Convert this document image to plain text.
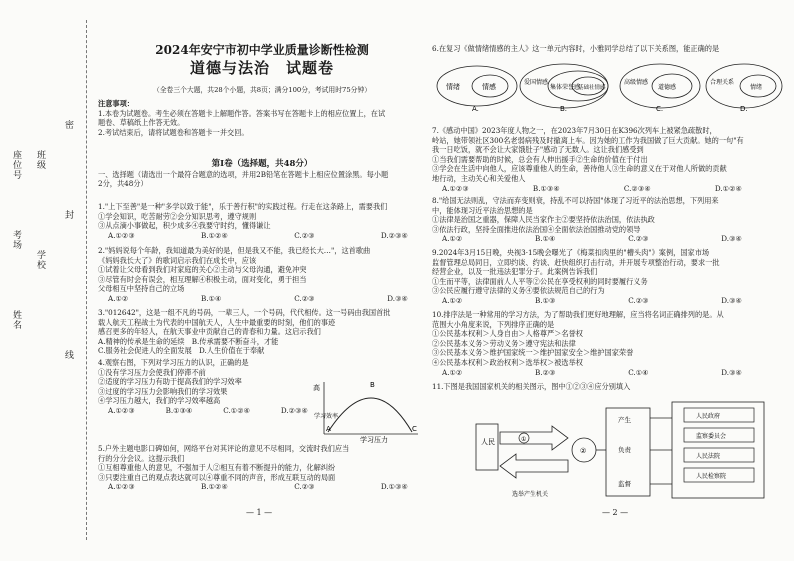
座位号
考场
姓名
班级
学校
密
封
线
2024年安宁市初中学业质量诊断性检测
道德与法治　试题卷
（全卷三个大题，共28个小题，共8页；满分100分，考试用时75分钟）
注意事项：
1.本卷为试题卷。考生必须在答题卡上解题作答。答案书写在答题卡上的相应位置上，在试
题卷、草稿纸上作答无效。
2.考试结束后，请将试题卷和答题卡一并交回。
第Ⅰ卷（选择题，共48分）
一、选择题（请选出一个最符合题意的选项，并用2B铅笔在答题卡上相应位置涂黑。每小题
2分，共48分）
1."上下至善"是一种"多学以致于能"，乐于善行积"的实践过程。行走在这条路上，需要我们
①学会知识，吃苦耐劳②会分知识思考，遵守规则
③从点滴小事做起，积少成多④我要守时约，懂得谦让
A.①②③	B.①②④	C.②③	D.②③④
2."妈妈说每个年龄，我知道最为美好的是，但是我又不能，我已经长大…"，这首歌曲
《妈妈我长大了》的歌词启示我们在成长中，应该
①试着让父母看到我们对家庭的关心②主动与父母沟通，避免冲突
③尽管有时会有误会，相互理解④积极主动，面对变化，勇于担当
父母相互中坚持自己的立场
A.①②	B.①④	C.②③	D.③④
3."012642"，这是一组不凡的号码，一辈三人，一个号码，代代相传。这一号码由我国首批
载人航天工程战士为代表的中国航天人，人生中最重要的时刻，他们的事迹
感召更多的年轻人，在航天事业中贡献自己的青春和力量。这启示我们
A.精神的传承是生命的延续　B.传承需要不断奋斗，才能
C.服务社会促进人的全面发展　D.人生价值在于奉献
4.观察右图，下列对学习压力的认识，正确的是
①没有学习压力会使我们停滞不前
②适度的学习压力有助于提高我们的学习效率
③过度的学习压力会影响我们的学习效果
④学习压力越大，我们的学习效率越高
A.①②③	B.①③④	C.①②④	D.②③④
高
学习效率
学习压力
A
B
C
5.户外主题电影口碑如何，网络平台对其评论的意见不尽相同，交流时我们应当
行的分分会议。这提示我们
①互相尊重他人的意见，不强加于人②相互有着不断提升的能力，化解纠纷
③只要注重自己的观点表达就可以④尊重不同的声音，形成互联互动的局面
A.①②③	B.①②④	C.②③	D.①③④
— 1 —
6.在复习《做情绪情感的主人》这一单元内容时，小雅同学总结了以下关系图，能正确的是
情绪	情感
爱国情感
集体荣誉感
基础社情感
高级情感
道德感
合理关系
情绪
A.	B.	C.	D.
7.《感动中国》2023年度人物之一，在2023年7月30日在K396次列车上被紧急疏散时，
岭站，她带领社区300名老弱病残及时撤离上车。因为她的工作为我国做了巨大贡献。她的一句"有
我一日吃饭，就不会让大家饿肚子"感动了无数人。这让我们感受到
①当我们需要帮助的时候，总会有人伸出援手②生命的价值在于付出
③学会在生活中向他人，应该尊重他人的生命，善待他人③生命的意义在于对他人所做的贡献
地行动，主动关心和关爱他人
A.①②③	B.①③④	C.②③④	D.①②④
8."给国无法则乱，守法而弃变则衰，持乱不可以持国"体现了习近平的法治思想，下列用来
中，能体现习近平法治思想的是
①法律是治国之重器，保障人民当家作主②要坚持依法治国，依法执政
③依法行政，坚持全面推进依法治国④全面依法治国推动党的领导
A.①②	B.①④	C.②③	D.③④
9.2024年3月15日晚，央视3·15晚会曝光了《梅菜扣肉里的"槽头肉"》案例，国家市场
监督管理总局同日，立即约谈、约谈、赶快组织打击行动，并开展专项整治行动，要求一批
经营企业，以及一批违法犯罪分子。此案例告诉我们
①生而平等，法律面前人人平等②公民在享受权利的同时要履行义务
③公民应履行遵守法律的义务④要依法规范自己的行为
A.①②	B.①③	C.②③	D.③④
10.排序法是一种常用的学习方法，为了帮助我们更好地理解，应当将名词正确排列的是。从
范围大小角度来说，下列排序正确的是
①公民基本权利＞人身自由＞人格尊严＞名誉权
②公民基本义务＞劳动义务＞遵守宪法和法律
③公民基本义务＞维护国家统一＞维护国家安全＞维护国家荣誉
④公民基本权利＞政治权利＞选举权＞被选举权
A.①②	B.②③	C.①④	D.③④
11.下图是我国国家机关的相关图示，图中①②③④应分别填入
人民	①
②
产生
负责
监督
人民政府
监察委员会
人民法院
人民检察院
选举产生机关
— 2 —
